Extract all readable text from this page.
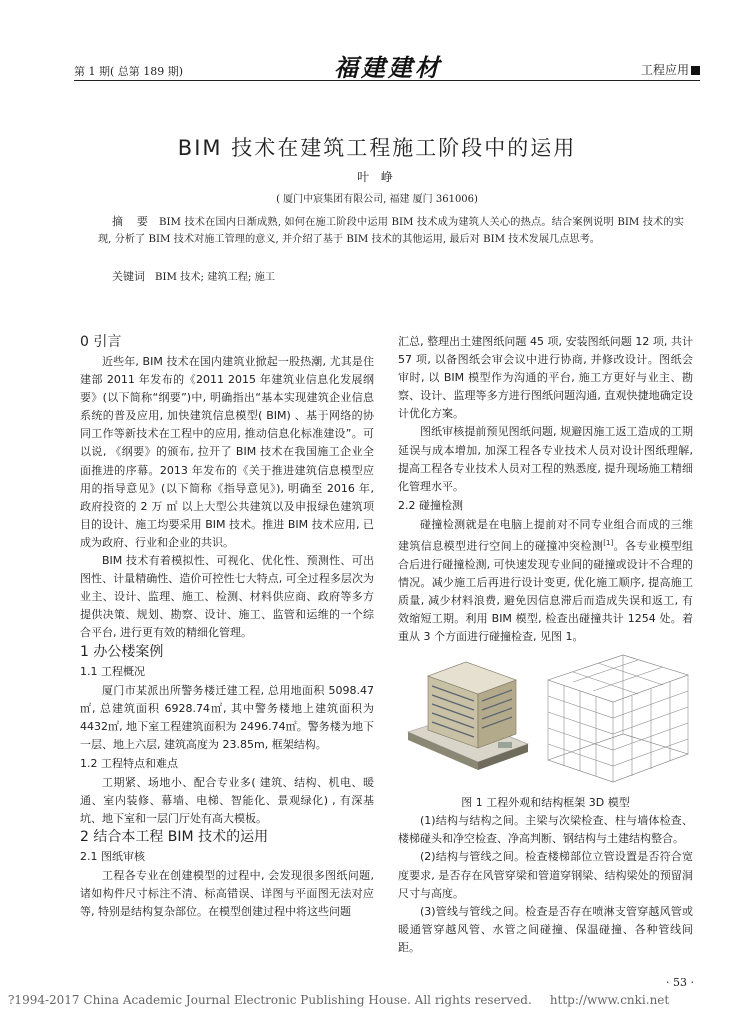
第 1 期( 总第 189 期)	福建建材	工程应用
BIM 技术在建筑工程施工阶段中的运用
叶 峥
( 厦门中宸集团有限公司, 福建 厦门 361006)
摘 要 BIM 技术在国内日渐成熟, 如何在施工阶段中运用 BIM 技术成为建筑人关心的热点。结合案例说明 BIM 技术的实现, 分析了 BIM 技术对施工管理的意义, 并介绍了基于 BIM 技术的其他运用, 最后对 BIM 技术发展几点思考。
关键词 BIM 技术; 建筑工程; 施工
0 引言

近些年, BIM 技术在国内建筑业掀起一股热潮, 尤其是住建部 2011 年发布的《2011 2015 年建筑业信息化发展纲要》(以下简称“纲要”)中, 明确指出“基本实现建筑企业信息系统的普及应用, 加快建筑信息模型( BIM) 、基于网络的协同工作等新技术在工程中的应用, 推动信息化标准建设”。可以说, 《纲要》的颁布, 拉开了 BIM 技术在我国施工企业全面推进的序幕。2013 年发布的《关于推进建筑信息模型应用的指导意见》(以下简称《指导意见》), 明确至 2016 年, 政府投资的 2 万 ㎡ 以上大型公共建筑以及申报绿色建筑项目的设计、施工均要采用 BIM 技术。推进 BIM 技术应用, 已成为政府、行业和企业的共识。

BIM 技术有着模拟性、可视化、优化性、预测性、可出图性、计量精确性、造价可控性七大特点, 可全过程多层次为业主、设计、监理、施工、检测、材料供应商、政府等多方提供决策、规划、勘察、设计、施工、监管和运维的一个综合平台, 进行更有效的精细化管理。

1 办公楼案例
1.1 工程概况

厦门市某派出所警务楼迁建工程, 总用地面积 5098.47㎡, 总建筑面积 6928.74㎡, 其中警务楼地上建筑面积为 4432㎡, 地下室工程建筑面积为 2496.74㎡。警务楼为地下一层、地上六层, 建筑高度为 23.85m, 框架结构。

1.2 工程特点和难点

工期紧、场地小、配合专业多( 建筑、结构、机电、暖通、室内装修、幕墙、电梯、智能化、景观绿化) , 有深基坑、地下室和一层门厅处有高大模板。

2 结合本工程 BIM 技术的运用
2.1 图纸审核

工程各专业在创建模型的过程中, 会发现很多图纸问题, 诸如构件尺寸标注不清、标高错误、详图与平面图无法对应等, 特别是结构复杂部位。在模型创建过程中将这些问题

汇总, 整理出土建图纸问题 45 项, 安装图纸问题 12 项, 共计 57 项, 以备图纸会审会议中进行协商, 并修改设计。图纸会审时, 以 BIM 模型作为沟通的平台, 施工方更好与业主、勘察、设计、监理等多方进行图纸问题沟通, 直观快捷地确定设计优化方案。

图纸审核提前预见图纸问题, 规避因施工返工造成的工期延误与成本增加, 加深工程各专业技术人员对设计图纸理解, 提高工程各专业技术人员对工程的熟悉度, 提升现场施工精细化管理水平。

2.2 碰撞检测

碰撞检测就是在电脑上提前对不同专业组合而成的三维建筑信息模型进行空间上的碰撞冲突检测[1]。各专业模型组合后进行碰撞检测, 可快速发现专业间的碰撞或设计不合理的情况。减少施工后再进行设计变更, 优化施工顺序, 提高施工质量, 减少材料浪费, 避免因信息滞后而造成失误和返工, 有效缩短工期。利用 BIM 模型, 检查出碰撞共计 1254 处。着重从 3 个方面进行碰撞检查, 见图 1。

图 1 工程外观和结构框架 3D 模型

(1)结构与结构之间。主梁与次梁检查、柱与墙体检查、楼梯碰头和净空检查、净高判断、钢结构与土建结构整合。

(2)结构与管线之间。检查楼梯部位立管设置是否符合宽度要求, 是否存在风管穿梁和管道穿钢梁、结构梁处的预留洞尺寸与高度。

(3)管线与管线之间。检查是否存在喷淋支管穿越风管或暖通管穿越风管、水管之间碰撞、保温碰撞、各种管线间距。

· 53 ·
?1994-2017 China Academic Journal Electronic Publishing House. All rights reserved. http://www.cnki.net
